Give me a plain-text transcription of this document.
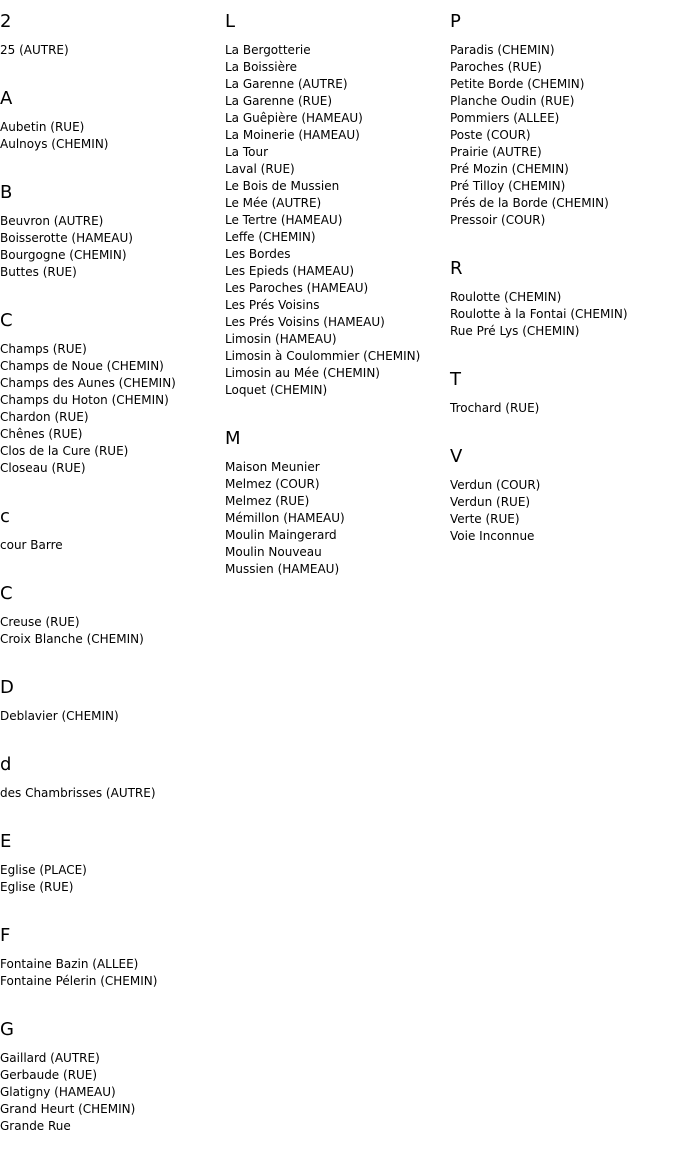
2
25 (AUTRE)
A
Aubetin (RUE)
Aulnoys (CHEMIN)
B
Beuvron (AUTRE)
Boisserotte (HAMEAU)
Bourgogne (CHEMIN)
Buttes (RUE)
C
Champs (RUE)
Champs de Noue (CHEMIN)
Champs des Aunes (CHEMIN)
Champs du Hoton (CHEMIN)
Chardon (RUE)
Chênes (RUE)
Clos de la Cure (RUE)
Closeau (RUE)
c
cour Barre
C
Creuse (RUE)
Croix Blanche (CHEMIN)
D
Deblavier (CHEMIN)
d
des Chambrisses (AUTRE)
E
Eglise (PLACE)
Eglise (RUE)
F
Fontaine Bazin (ALLEE)
Fontaine Pélerin (CHEMIN)
G
Gaillard (AUTRE)
Gerbaude (RUE)
Glatigny (HAMEAU)
Grand Heurt (CHEMIN)
Grande Rue
L
La Bergotterie
La Boissière
La Garenne (AUTRE)
La Garenne (RUE)
La Guêpière (HAMEAU)
La Moinerie (HAMEAU)
La Tour
Laval (RUE)
Le Bois de Mussien
Le Mée (AUTRE)
Le Tertre (HAMEAU)
Leffe (CHEMIN)
Les Bordes
Les Epieds (HAMEAU)
Les Paroches (HAMEAU)
Les Prés Voisins
Les Prés Voisins (HAMEAU)
Limosin (HAMEAU)
Limosin à Coulommier (CHEMIN)
Limosin au Mée (CHEMIN)
Loquet (CHEMIN)
M
Maison Meunier
Melmez (COUR)
Melmez (RUE)
Mémillon (HAMEAU)
Moulin Maingerard
Moulin Nouveau
Mussien (HAMEAU)
P
Paradis (CHEMIN)
Paroches (RUE)
Petite Borde (CHEMIN)
Planche Oudin (RUE)
Pommiers (ALLEE)
Poste (COUR)
Prairie (AUTRE)
Pré Mozin (CHEMIN)
Pré Tilloy (CHEMIN)
Prés de la Borde (CHEMIN)
Pressoir (COUR)
R
Roulotte (CHEMIN)
Roulotte à la Fontai (CHEMIN)
Rue Pré Lys (CHEMIN)
T
Trochard (RUE)
V
Verdun (COUR)
Verdun (RUE)
Verte (RUE)
Voie Inconnue
